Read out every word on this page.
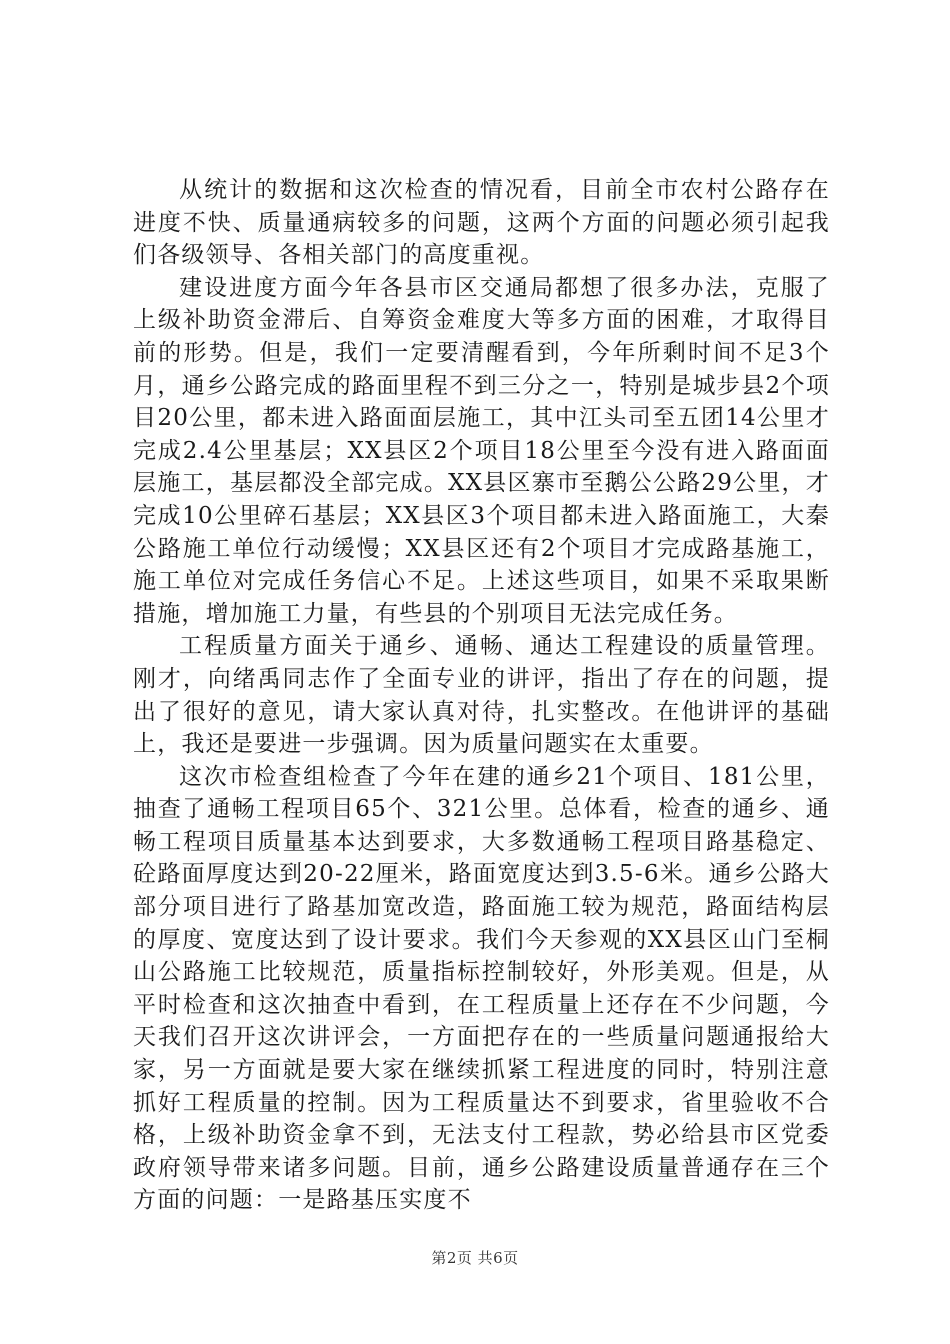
从统计的数据和这次检查的情况看，目前全市农村公路存在进度不快、质量通病较多的问题，这两个方面的问题必须引起我们各级领导、各相关部门的高度重视。

建设进度方面今年各县市区交通局都想了很多办法，克服了上级补助资金滞后、自筹资金难度大等多方面的困难，才取得目前的形势。但是，我们一定要清醒看到，今年所剩时间不足3个月，通乡公路完成的路面里程不到三分之一，特别是城步县2个项目20公里，都未进入路面面层施工，其中江头司至五团14公里才完成2.4公里基层；XX县区2个项目18公里至今没有进入路面面层施工，基层都没全部完成。XX县区寨市至鹅公公路29公里，才完成10公里碎石基层；XX县区3个项目都未进入路面施工，大秦公路施工单位行动缓慢；XX县区还有2个项目才完成路基施工，施工单位对完成任务信心不足。上述这些项目，如果不采取果断措施，增加施工力量，有些县的个别项目无法完成任务。

工程质量方面关于通乡、通畅、通达工程建设的质量管理。刚才，向绪禹同志作了全面专业的讲评，指出了存在的问题，提出了很好的意见，请大家认真对待，扎实整改。在他讲评的基础上，我还是要进一步强调。因为质量问题实在太重要。

这次市检查组检查了今年在建的通乡21个项目、181公里，抽查了通畅工程项目65个、321公里。总体看，检查的通乡、通畅工程项目质量基本达到要求，大多数通畅工程项目路基稳定、砼路面厚度达到20-22厘米，路面宽度达到3.5-6米。通乡公路大部分项目进行了路基加宽改造，路面施工较为规范，路面结构层的厚度、宽度达到了设计要求。我们今天参观的XX县区山门至桐山公路施工比较规范，质量指标控制较好，外形美观。但是，从平时检查和这次抽查中看到，在工程质量上还存在不少问题，今天我们召开这次讲评会，一方面把存在的一些质量问题通报给大家，另一方面就是要大家在继续抓紧工程进度的同时，特别注意抓好工程质量的控制。因为工程质量达不到要求，省里验收不合格，上级补助资金拿不到，无法支付工程款，势必给县市区党委政府领导带来诸多问题。目前，通乡公路建设质量普通存在三个方面的问题：一是路基压实度不

第2页 共6页
